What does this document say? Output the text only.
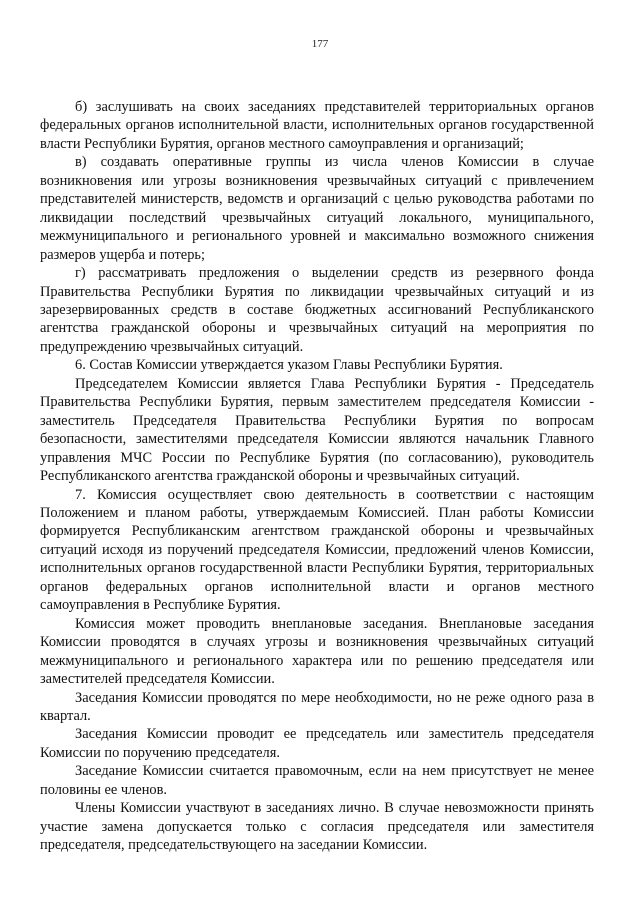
177

б) заслушивать на своих заседаниях представителей территориальных органов федеральных органов исполнительной власти, исполнительных органов государственной власти Республики Бурятия, органов местного самоуправления и организаций;

в) создавать оперативные группы из числа членов Комиссии в случае возникновения или угрозы возникновения чрезвычайных ситуаций с привлечением представителей министерств, ведомств и организаций с целью руководства работами по ликвидации последствий чрезвычайных ситуаций локального, муниципального, межмуниципального и регионального уровней и максимально возможного снижения размеров ущерба и потерь;

г) рассматривать предложения о выделении средств из резервного фонда Правительства Республики Бурятия по ликвидации чрезвычайных ситуаций и из зарезервированных средств в составе бюджетных ассигнований Республиканского агентства гражданской обороны и чрезвычайных ситуаций на мероприятия по предупреждению чрезвычайных ситуаций.

6. Состав Комиссии утверждается указом Главы Республики Бурятия.

Председателем Комиссии является Глава Республики Бурятия - Председатель Правительства Республики Бурятия, первым заместителем председателя Комиссии - заместитель Председателя Правительства Республики Бурятия по вопросам безопасности, заместителями председателя Комиссии являются начальник Главного управления МЧС России по Республике Бурятия (по согласованию), руководитель Республиканского агентства гражданской обороны и чрезвычайных ситуаций.

7. Комиссия осуществляет свою деятельность в соответствии с настоящим Положением и планом работы, утверждаемым Комиссией. План работы Комиссии формируется Республиканским агентством гражданской обороны и чрезвычайных ситуаций исходя из поручений председателя Комиссии, предложений членов Комиссии, исполнительных органов государственной власти Республики Бурятия, территориальных органов федеральных органов исполнительной власти и органов местного самоуправления в Республике Бурятия.

Комиссия может проводить внеплановые заседания. Внеплановые заседания Комиссии проводятся в случаях угрозы и возникновения чрезвычайных ситуаций межмуниципального и регионального характера или по решению председателя или заместителей председателя Комиссии.

Заседания Комиссии проводятся по мере необходимости, но не реже одного раза в квартал.

Заседания Комиссии проводит ее председатель или заместитель председателя Комиссии по поручению председателя.

Заседание Комиссии считается правомочным, если на нем присутствует не менее половины ее членов.

Члены Комиссии участвуют в заседаниях лично. В случае невозможности принять участие замена допускается только с согласия председателя или заместителя председателя, председательствующего на заседании Комиссии.
